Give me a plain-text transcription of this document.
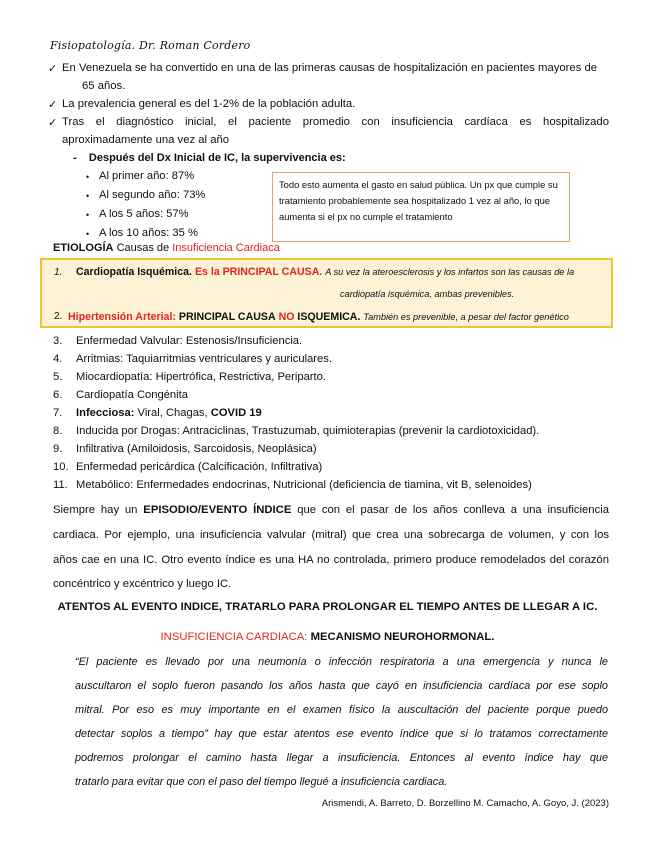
Fisiopatología. Dr. Roman Cordero
✓ En Venezuela se ha convertido en una de las primeras causas de hospitalización en pacientes mayores de
65 años.
✓ La prevalencia general es del 1-2% de la población adulta.
✓ Tras el diagnóstico inicial, el paciente promedio con insuficiencia cardíaca es hospitalizado
aproximadamente una vez al año
-    Después del Dx Inicial de IC, la supervivencia es:
• Al primer año: 87%
• Al segundo año: 73%
• A los 5 años: 57%
• A los 10 años: 35 %
Todo esto aumenta el gasto en salud pública. Un px que cumple su tratamiento probablemente sea hospitalizado 1 vez al año, lo que aumenta si el px no cumple el tratamiento
ETIOLOGÍA Causas de Insuficiencia Cardiaca
1. Cardiopatía Isquémica. Es la PRINCIPAL CAUSA. A su vez la ateroesclerosis y los infartos son las causas de la
cardiopatía isquémica, ambas prevenibles.
2. Hipertensión Arterial: PRINCIPAL CAUSA NO ISQUEMICA. También es prevenible, a pesar del factor genético
3. Enfermedad Valvular: Estenosis/Insuficiencia.
4. Arritmias: Taquiarritmias ventriculares y auriculares.
5. Miocardiopatía: Hipertrófica, Restrictiva, Periparto.
6. Cardiopatía Congénita
7. Infecciosa: Viral, Chagas, COVID 19
8. Inducida por Drogas: Antraciclinas, Trastuzumab, quimioterapias (prevenir la cardiotoxicidad).
9. Infiltrativa (Amiloidosis, Sarcoidosis, Neoplásica)
10. Enfermedad pericárdica (Calcificación, Infiltrativa)
11. Metabólico: Enfermedades endocrinas, Nutricional (deficiencia de tiamina, vit B, selenoides)
Siempre hay un EPISODIO/EVENTO ÍNDICE que con el pasar de los años conlleva a una insuficiencia
cardiaca. Por ejemplo, una insuficiencia valvular (mitral) que crea una sobrecarga de volumen, y con los
años cae en una IC. Otro evento índice es una HA no controlada, primero produce remodelados del corazón
concéntrico y excéntrico y luego IC.
ATENTOS AL EVENTO INDICE, TRATARLO PARA PROLONGAR EL TIEMPO ANTES DE LLEGAR A IC.
INSUFICIENCIA CARDIACA: MECANISMO NEUROHORMONAL.
“El paciente es llevado por una neumonía o infección respiratoria a una emergencia y nunca le
auscultaron el soplo fueron pasando los años hasta que cayó en insuficiencia cardíaca por ese soplo
mitral. Por eso es muy importante en el examen físico la auscultación del paciente porque puedo
detectar soplos a tiempo” hay que estar atentos ese evento índice que si lo tratamos correctamente
podremos prolongar el camino hasta llegar a insuficiencia. Entonces al evento índice hay que
tratarlo para evitar que con el paso del tiempo llegué a insuficiencia cardiaca.
Arismendi, A. Barreto, D. Borzellino M. Camacho, A. Goyo, J. (2023)
